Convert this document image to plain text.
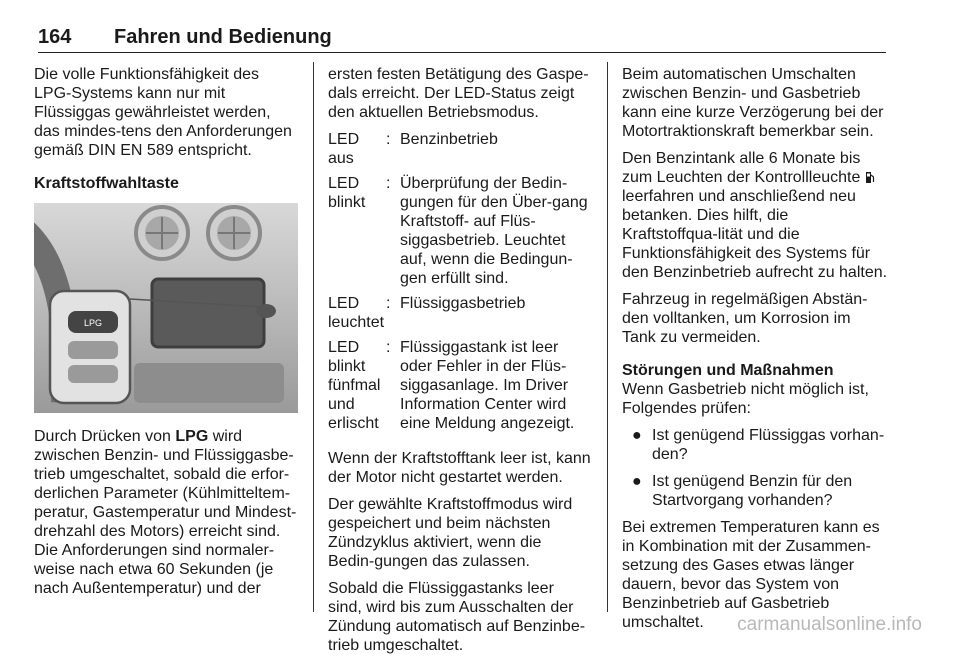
164 Fahren und Bedienung

Die volle Funktionsfähigkeit des LPG-Systems kann nur mit Flüssiggas gewährleistet werden, das mindes-tens den Anforderungen gemäß DIN EN 589 entspricht.

Kraftstoffwahltaste

LPG

Durch Drücken von LPG wird zwischen Benzin- und Flüssiggasbe-trieb umgeschaltet, sobald die erfor-derlichen Parameter (Kühlmitteltem-peratur, Gastemperatur und Mindest-drehzahl des Motors) erreicht sind. Die Anforderungen sind normaler-weise nach etwa 60 Sekunden (je nach Außentemperatur) und der

ersten festen Betätigung des Gaspe-dals erreicht. Der LED-Status zeigt den aktuellen Betriebsmodus.

LED aus	:	Benzinbetrieb
LED blinkt	:	Überprüfung der Bedin-gungen für den Über-gang Kraftstoff- auf Flüs-siggasbetrieb. Leuchtet auf, wenn die Bedingun-gen erfüllt sind.
LED leuchtet	:	Flüssiggasbetrieb
LED blinkt fünfmal und erlischt	:	Flüssiggastank ist leer oder Fehler in der Flüs-siggasanlage. Im Driver Information Center wird eine Meldung angezeigt.

Wenn der Kraftstofftank leer ist, kann der Motor nicht gestartet werden.

Der gewählte Kraftstoffmodus wird gespeichert und beim nächsten Zündzyklus aktiviert, wenn die Bedin-gungen das zulassen.

Sobald die Flüssiggastanks leer sind, wird bis zum Ausschalten der Zündung automatisch auf Benzinbe-trieb umgeschaltet.

Beim automatischen Umschalten zwischen Benzin- und Gasbetrieb kann eine kurze Verzögerung bei der Motortraktionskraft bemerkbar sein.

Den Benzintank alle 6 Monate bis zum Leuchten der Kontrollleuchte  leerfahren und anschließend neu betanken. Dies hilft, die Kraftstoffqua-lität und die Funktionsfähigkeit des Systems für den Benzinbetrieb aufrecht zu halten.

Fahrzeug in regelmäßigen Abstän-den volltanken, um Korrosion im Tank zu vermeiden.

Störungen und Maßnahmen

Wenn Gasbetrieb nicht möglich ist, Folgendes prüfen:

● Ist genügend Flüssiggas vorhan-den?
● Ist genügend Benzin für den Startvorgang vorhanden?

Bei extremen Temperaturen kann es in Kombination mit der Zusammen-setzung des Gases etwas länger dauern, bevor das System von Benzinbetrieb auf Gasbetrieb umschaltet.	carmanualsonline.info
